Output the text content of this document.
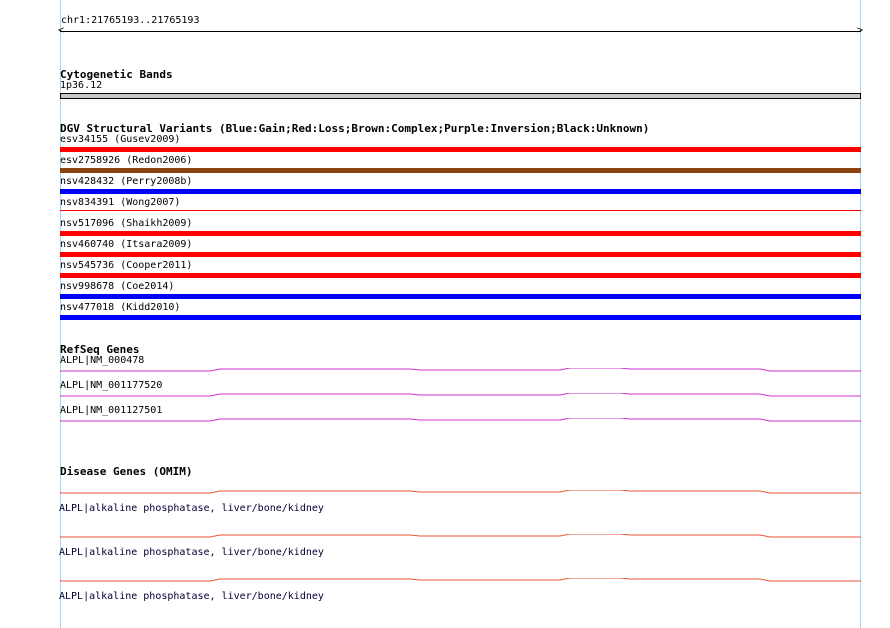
chr1:21765193..21765193
<	>
Cytogenetic Bands
1p36.12
DGV Structural Variants (Blue:Gain;Red:Loss;Brown:Complex;Purple:Inversion;Black:Unknown)
esv34155 (Gusev2009)
esv2758926 (Redon2006)
nsv428432 (Perry2008b)
nsv834391 (Wong2007)
nsv517096 (Shaikh2009)
nsv460740 (Itsara2009)
nsv545736 (Cooper2011)
nsv998678 (Coe2014)
nsv477018 (Kidd2010)
RefSeq Genes
ALPL|NM_000478
ALPL|NM_001177520
ALPL|NM_001127501
Disease Genes (OMIM)
ALPL|alkaline phosphatase, liver/bone/kidney
ALPL|alkaline phosphatase, liver/bone/kidney
ALPL|alkaline phosphatase, liver/bone/kidney
